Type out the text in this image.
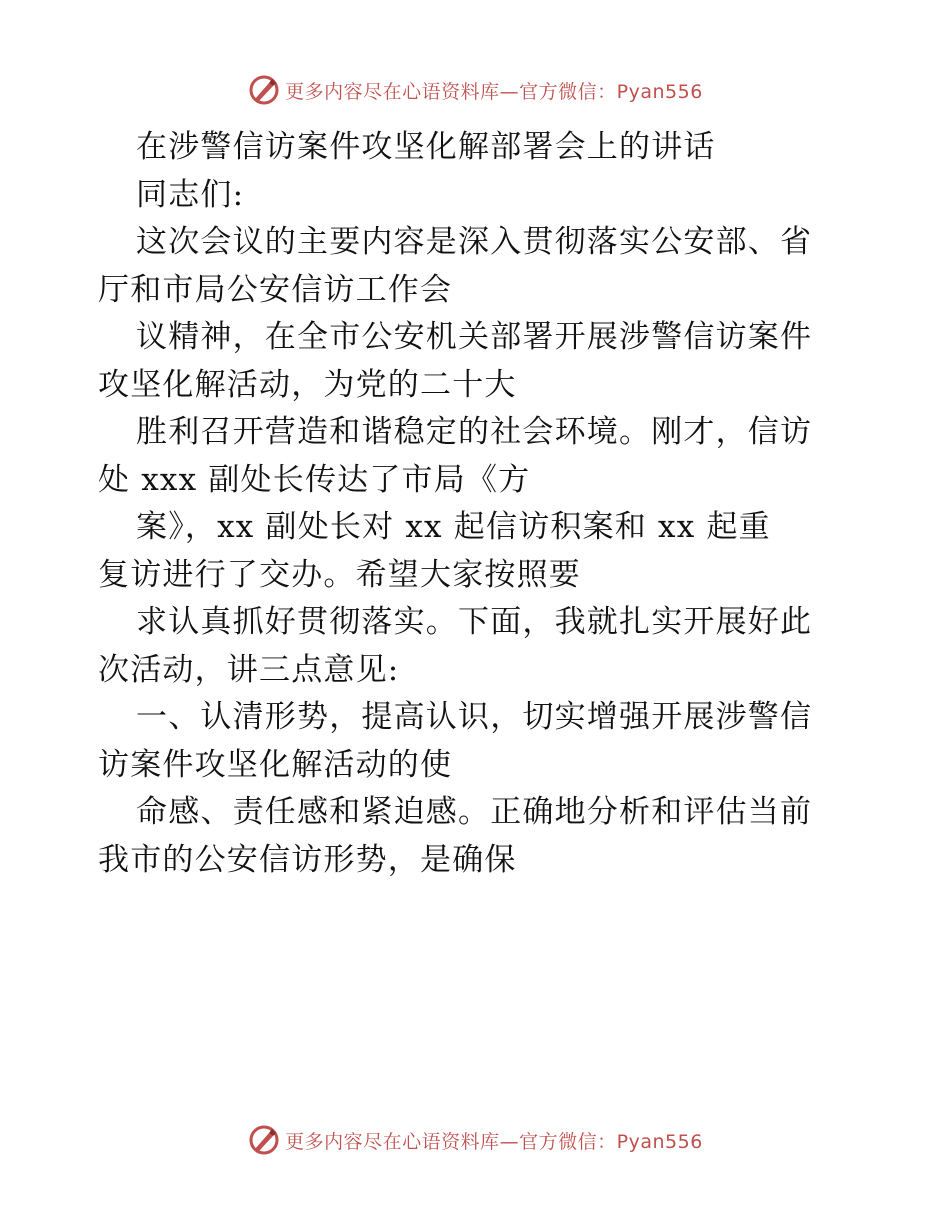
更多内容尽在心语资料库—官方微信：Pyan556
在涉警信访案件攻坚化解部署会上的讲话
同志们:
这次会议的主要内容是深入贯彻落实公安部、省
厅和市局公安信访工作会
议精神，在全市公安机关部署开展涉警信访案件
攻坚化解活动，为党的二十大
胜利召开营造和谐稳定的社会环境。刚才，信访
处 xxx 副处长传达了市局《方
案》，xx 副处长对 xx 起信访积案和 xx 起重
复访进行了交办。希望大家按照要
求认真抓好贯彻落实。下面，我就扎实开展好此
次活动，讲三点意见:
一、认清形势，提高认识，切实增强开展涉警信
访案件攻坚化解活动的使
命感、责任感和紧迫感。正确地分析和评估当前
我市的公安信访形势，是确保
更多内容尽在心语资料库—官方微信：Pyan556
